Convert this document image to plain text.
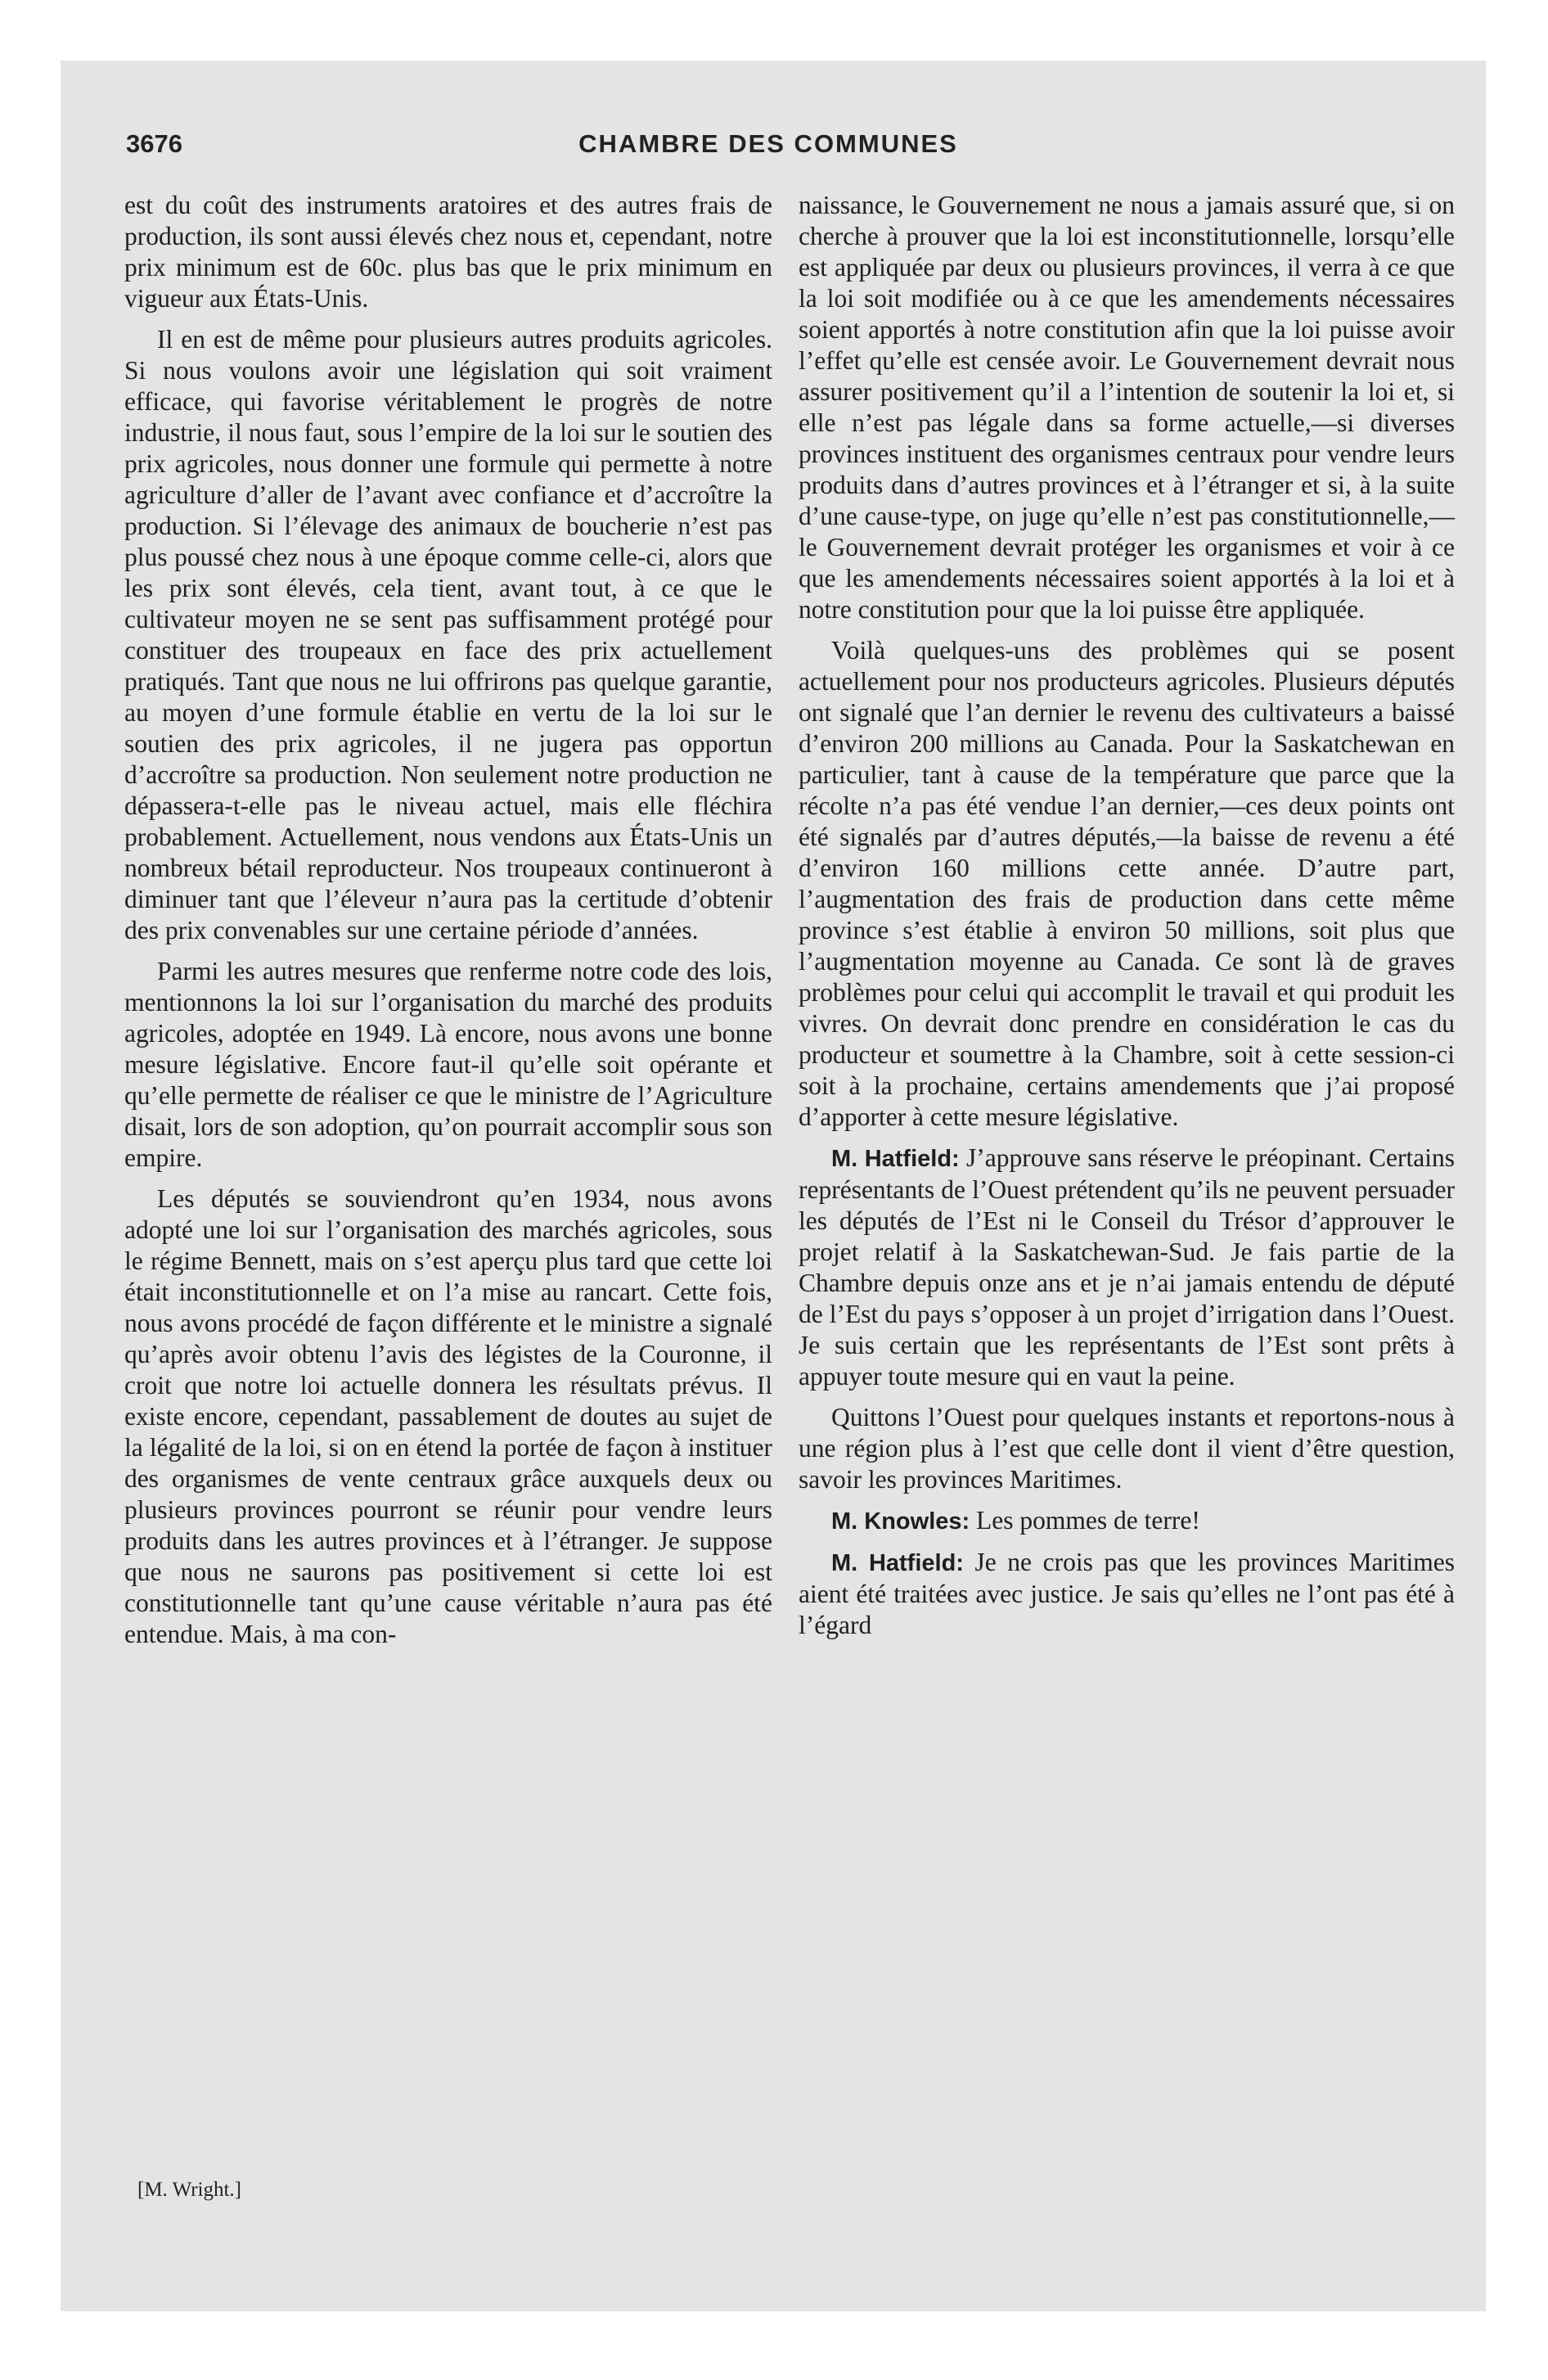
3676	CHAMBRE DES COMMUNES

est du coût des instruments aratoires et des autres frais de production, ils sont aussi élevés chez nous et, cependant, notre prix minimum est de 60c. plus bas que le prix minimum en vigueur aux États-Unis.

Il en est de même pour plusieurs autres produits agricoles. Si nous voulons avoir une législation qui soit vraiment efficace, qui favorise véritablement le progrès de notre industrie, il nous faut, sous l’empire de la loi sur le soutien des prix agricoles, nous donner une formule qui permette à notre agriculture d’aller de l’avant avec confiance et d’accroître la production. Si l’élevage des animaux de boucherie n’est pas plus poussé chez nous à une époque comme celle-ci, alors que les prix sont élevés, cela tient, avant tout, à ce que le cultivateur moyen ne se sent pas suffisamment protégé pour constituer des troupeaux en face des prix actuellement pratiqués. Tant que nous ne lui offrirons pas quelque garantie, au moyen d’une formule établie en vertu de la loi sur le soutien des prix agricoles, il ne jugera pas opportun d’accroître sa production. Non seulement notre production ne dépassera-t-elle pas le niveau actuel, mais elle fléchira probablement. Actuellement, nous vendons aux États-Unis un nombreux bétail reproducteur. Nos troupeaux continueront à diminuer tant que l’éleveur n’aura pas la certitude d’obtenir des prix convenables sur une certaine période d’années.

Parmi les autres mesures que renferme notre code des lois, mentionnons la loi sur l’organisation du marché des produits agricoles, adoptée en 1949. Là encore, nous avons une bonne mesure législative. Encore faut-il qu’elle soit opérante et qu’elle permette de réaliser ce que le ministre de l’Agriculture disait, lors de son adoption, qu’on pourrait accomplir sous son empire.

Les députés se souviendront qu’en 1934, nous avons adopté une loi sur l’organisation des marchés agricoles, sous le régime Bennett, mais on s’est aperçu plus tard que cette loi était inconstitutionnelle et on l’a mise au rancart. Cette fois, nous avons procédé de façon différente et le ministre a signalé qu’après avoir obtenu l’avis des légistes de la Couronne, il croit que notre loi actuelle donnera les résultats prévus. Il existe encore, cependant, passablement de doutes au sujet de la légalité de la loi, si on en étend la portée de façon à instituer des organismes de vente centraux grâce auxquels deux ou plusieurs provinces pourront se réunir pour vendre leurs produits dans les autres provinces et à l’étranger. Je suppose que nous ne saurons pas positivement si cette loi est constitutionnelle tant qu’une cause véritable n’aura pas été entendue. Mais, à ma con-

naissance, le Gouvernement ne nous a jamais assuré que, si on cherche à prouver que la loi est inconstitutionnelle, lorsqu’elle est appliquée par deux ou plusieurs provinces, il verra à ce que la loi soit modifiée ou à ce que les amendements nécessaires soient apportés à notre constitution afin que la loi puisse avoir l’effet qu’elle est censée avoir. Le Gouvernement devrait nous assurer positivement qu’il a l’intention de soutenir la loi et, si elle n’est pas légale dans sa forme actuelle,—si diverses provinces instituent des organismes centraux pour vendre leurs produits dans d’autres provinces et à l’étranger et si, à la suite d’une cause-type, on juge qu’elle n’est pas constitutionnelle,—le Gouvernement devrait protéger les organismes et voir à ce que les amendements nécessaires soient apportés à la loi et à notre constitution pour que la loi puisse être appliquée.

Voilà quelques-uns des problèmes qui se posent actuellement pour nos producteurs agricoles. Plusieurs députés ont signalé que l’an dernier le revenu des cultivateurs a baissé d’environ 200 millions au Canada. Pour la Saskatchewan en particulier, tant à cause de la température que parce que la récolte n’a pas été vendue l’an dernier,—ces deux points ont été signalés par d’autres députés,—la baisse de revenu a été d’environ 160 millions cette année. D’autre part, l’augmentation des frais de production dans cette même province s’est établie à environ 50 millions, soit plus que l’augmentation moyenne au Canada. Ce sont là de graves problèmes pour celui qui accomplit le travail et qui produit les vivres. On devrait donc prendre en considération le cas du producteur et soumettre à la Chambre, soit à cette session-ci soit à la prochaine, certains amendements que j’ai proposé d’apporter à cette mesure législative.

M. Hatfield: J’approuve sans réserve le préopinant. Certains représentants de l’Ouest prétendent qu’ils ne peuvent persuader les députés de l’Est ni le Conseil du Trésor d’approuver le projet relatif à la Saskatchewan-Sud. Je fais partie de la Chambre depuis onze ans et je n’ai jamais entendu de député de l’Est du pays s’opposer à un projet d’irrigation dans l’Ouest. Je suis certain que les représentants de l’Est sont prêts à appuyer toute mesure qui en vaut la peine.

Quittons l’Ouest pour quelques instants et reportons-nous à une région plus à l’est que celle dont il vient d’être question, savoir les provinces Maritimes.

M. Knowles: Les pommes de terre!

M. Hatfield: Je ne crois pas que les provinces Maritimes aient été traitées avec justice. Je sais qu’elles ne l’ont pas été à l’égard

[M. Wright.]
